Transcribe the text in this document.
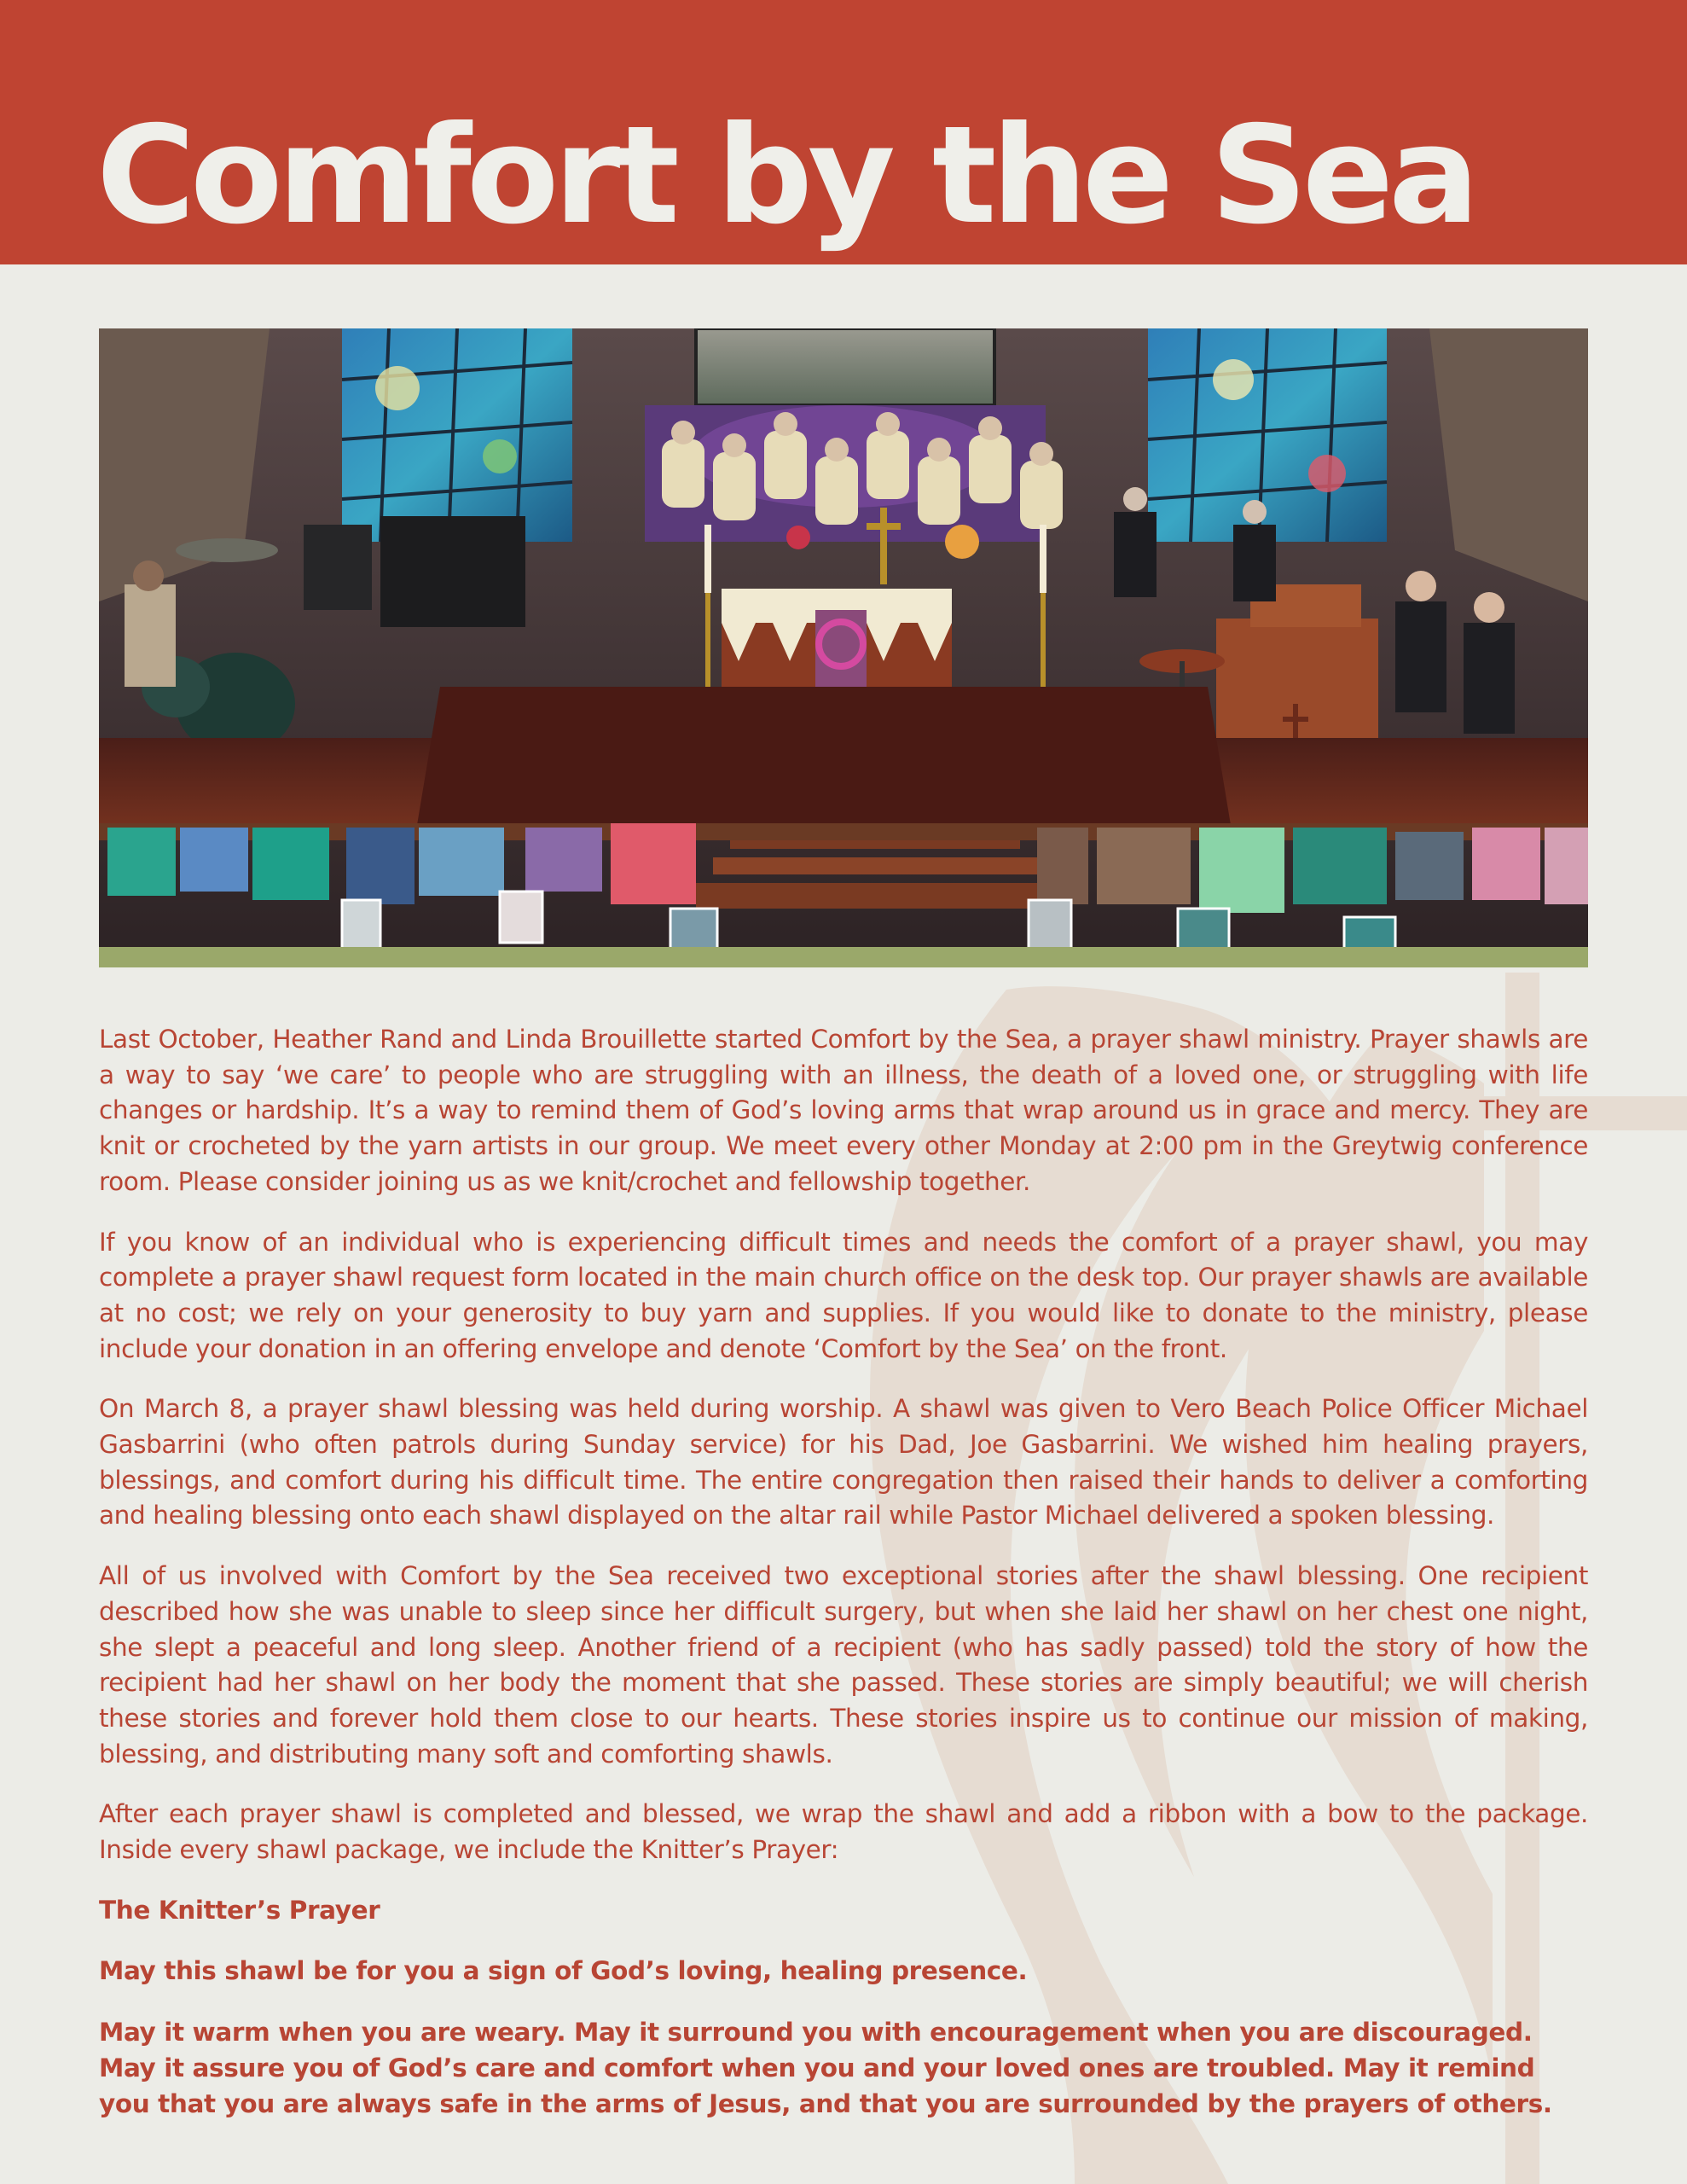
Comfort by the Sea

Last October, Heather Rand and Linda Brouillette started Comfort by the Sea, a prayer shawl ministry. Prayer shawls are a way to say ‘we care’ to people who are struggling with an illness, the death of a loved one, or struggling with life changes or hardship. It’s a way to remind them of God’s loving arms that wrap around us in grace and mercy. They are knit or crocheted by the yarn artists in our group. We meet every other Monday at 2:00 pm in the Greytwig conference room. Please consider joining us as we knit/crochet and fellowship together.

If you know of an individual who is experiencing difficult times and needs the comfort of a prayer shawl, you may complete a prayer shawl request form located in the main church office on the desk top. Our prayer shawls are available at no cost; we rely on your generosity to buy yarn and supplies. If you would like to donate to the ministry, please include your donation in an offering envelope and denote ‘Comfort by the Sea’ on the front.

On March 8, a prayer shawl blessing was held during worship. A shawl was given to Vero Beach Police Officer Michael Gasbarrini (who often patrols during Sunday service) for his Dad, Joe Gasbarrini. We wished him healing prayers, blessings, and comfort during his difficult time. The entire congregation then raised their hands to deliver a comforting and healing blessing onto each shawl displayed on the altar rail while Pastor Michael delivered a spoken blessing.

All of us involved with Comfort by the Sea received two exceptional stories after the shawl blessing. One recipient described how she was unable to sleep since her difficult surgery, but when she laid her shawl on her chest one night, she slept a peaceful and long sleep. Another friend of a recipient (who has sadly passed) told the story of how the recipient had her shawl on her body the moment that she passed. These stories are simply beautiful; we will cherish these stories and forever hold them close to our hearts. These stories inspire us to continue our mission of making, blessing, and distributing many soft and comforting shawls.

After each prayer shawl is completed and blessed, we wrap the shawl and add a ribbon with a bow to the package. Inside every shawl package, we include the Knitter’s Prayer:

The Knitter’s Prayer

May this shawl be for you a sign of God’s loving, healing presence.

May it warm when you are weary. May it surround you with encouragement when you are discouraged. May it assure you of God’s care and comfort when you and your loved ones are troubled. May it remind you that you are always safe in the arms of Jesus, and that you are surrounded by the prayers of others.
